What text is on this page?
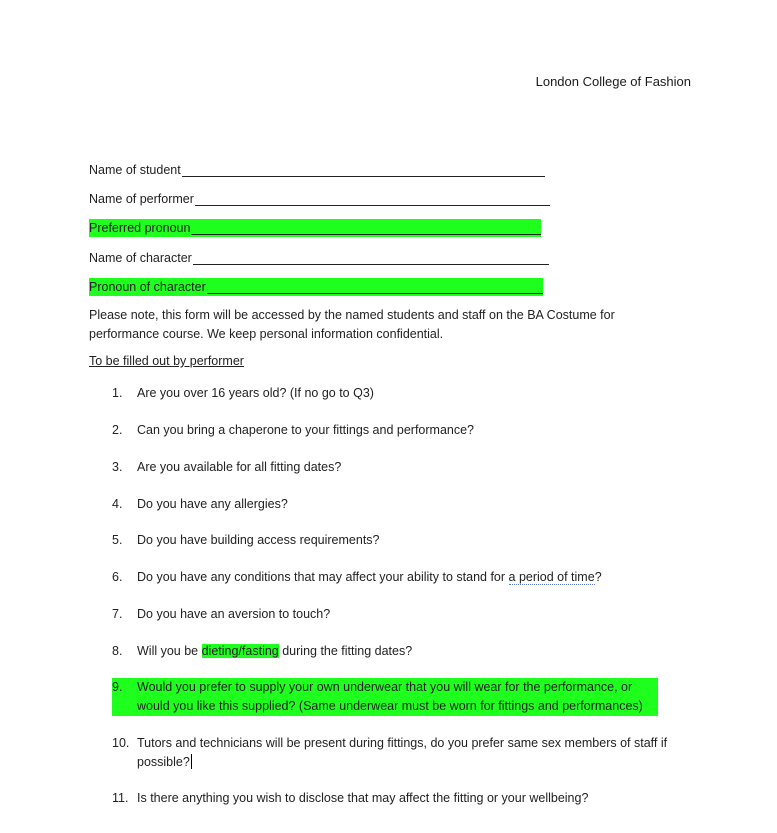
London College of Fashion
Name of student
Name of performer
Preferred pronoun
Name of character
Pronoun of character
Please note, this form will be accessed by the named students and staff on the BA Costume for performance course. We keep personal information confidential.
To be filled out by performer
1.	Are you over 16 years old? (If no go to Q3)
2.	Can you bring a chaperone to your fittings and performance?
3.	Are you available for all fitting dates?
4.	Do you have any allergies?
5.	Do you have building access requirements?
6.	Do you have any conditions that may affect your ability to stand for a period of time?
7.	Do you have an aversion to touch?
8.	Will you be dieting/fasting during the fitting dates?
9.	Would you prefer to supply your own underwear that you will wear for the performance, or would you like this supplied? (Same underwear must be worn for fittings and performances)
10. Tutors and technicians will be present during fittings, do you prefer same sex members of staff if possible?
11. Is there anything you wish to disclose that may affect the fitting or your wellbeing?
